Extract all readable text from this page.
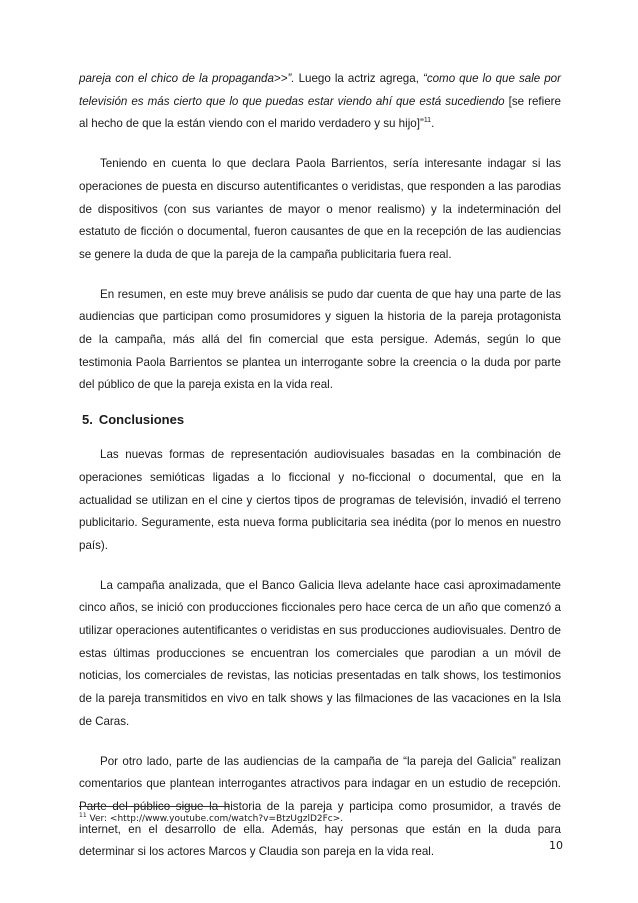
pareja con el chico de la propaganda>>”. Luego la actriz agrega, “como que lo que sale por televisión es más cierto que lo que puedas estar viendo ahí que está sucediendo [se refiere al hecho de que la están viendo con el marido verdadero y su hijo]”$^{11}$.

Teniendo en cuenta lo que declara Paola Barrientos, sería interesante indagar si las operaciones de puesta en discurso autentificantes o veridistas, que responden a las parodias de dispositivos (con sus variantes de mayor o menor realismo) y la indeterminación del estatuto de ficción o documental, fueron causantes de que en la recepción de las audiencias se genere la duda de que la pareja de la campaña publicitaria fuera real.

En resumen, en este muy breve análisis se pudo dar cuenta de que hay una parte de las audiencias que participan como prosumidores y siguen la historia de la pareja protagonista de la campaña, más allá del fin comercial que esta persigue. Además, según lo que testimonia Paola Barrientos se plantea un interrogante sobre la creencia o la duda por parte del público de que la pareja exista en la vida real.

5. Conclusiones

Las nuevas formas de representación audiovisuales basadas en la combinación de operaciones semióticas ligadas a lo ficcional y no-ficcional o documental, que en la actualidad se utilizan en el cine y ciertos tipos de programas de televisión, invadió el terreno publicitario. Seguramente, esta nueva forma publicitaria sea inédita (por lo menos en nuestro país).

La campaña analizada, que el Banco Galicia lleva adelante hace casi aproximadamente cinco años, se inició con producciones ficcionales pero hace cerca de un año que comenzó a utilizar operaciones autentificantes o veridistas en sus producciones audiovisuales. Dentro de estas últimas producciones se encuentran los comerciales que parodian a un móvil de noticias, los comerciales de revistas, las noticias presentadas en talk shows, los testimonios de la pareja transmitidos en vivo en talk shows y las filmaciones de las vacaciones en la Isla de Caras.

Por otro lado, parte de las audiencias de la campaña de “la pareja del Galicia” realizan comentarios que plantean interrogantes atractivos para indagar en un estudio de recepción. Parte del público sigue la historia de la pareja y participa como prosumidor, a través de internet, en el desarrollo de ella. Además, hay personas que están en la duda para determinar si los actores Marcos y Claudia son pareja en la vida real.

$^{11}$ Ver: <http://www.youtube.com/watch?v=BtzUgzlD2Fc>.
10
